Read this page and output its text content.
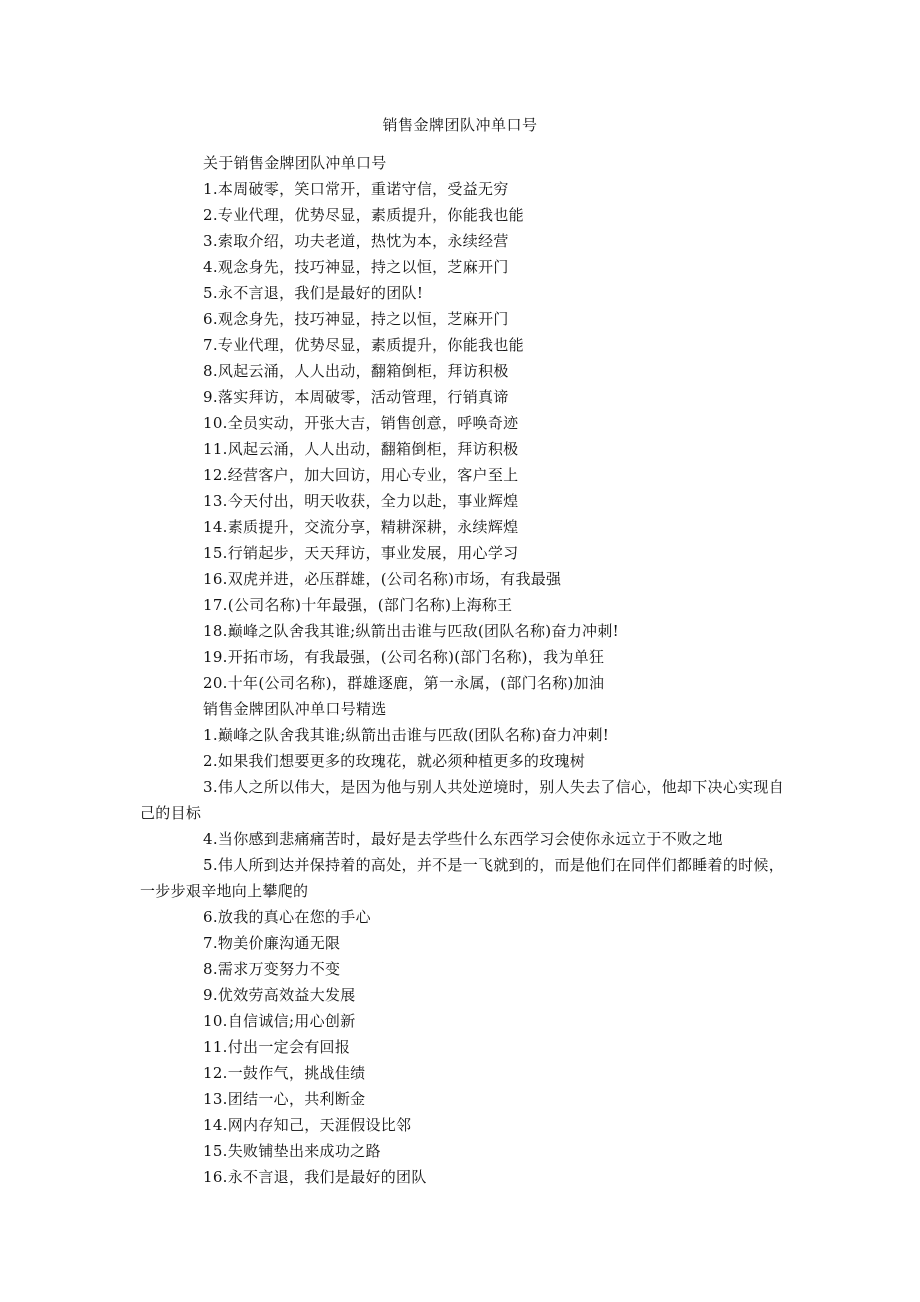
销售金牌团队冲单口号
关于销售金牌团队冲单口号
1.本周破零，笑口常开，重诺守信，受益无穷
2.专业代理，优势尽显，素质提升，你能我也能
3.索取介绍，功夫老道，热忱为本，永续经营
4.观念身先，技巧神显，持之以恒，芝麻开门
5.永不言退，我们是最好的团队!
6.观念身先，技巧神显，持之以恒，芝麻开门
7.专业代理，优势尽显，素质提升，你能我也能
8.风起云涌，人人出动，翻箱倒柜，拜访积极
9.落实拜访，本周破零，活动管理，行销真谛
10.全员实动，开张大吉，销售创意，呼唤奇迹
11.风起云涌，人人出动，翻箱倒柜，拜访积极
12.经营客户，加大回访，用心专业，客户至上
13.今天付出，明天收获，全力以赴，事业辉煌
14.素质提升，交流分享，精耕深耕，永续辉煌
15.行销起步，天天拜访，事业发展，用心学习
16.双虎并进，必压群雄，(公司名称)市场，有我最强
17.(公司名称)十年最强，(部门名称)上海称王
18.巅峰之队舍我其谁;纵箭出击谁与匹敌(团队名称)奋力冲刺!
19.开拓市场，有我最强，(公司名称)(部门名称)，我为单狂
20.十年(公司名称)，群雄逐鹿，第一永属，(部门名称)加油
销售金牌团队冲单口号精选
1.巅峰之队舍我其谁;纵箭出击谁与匹敌(团队名称)奋力冲刺!
2.如果我们想要更多的玫瑰花，就必须种植更多的玫瑰树
3.伟人之所以伟大，是因为他与别人共处逆境时，别人失去了信心，他却下决心实现自己的目标
4.当你感到悲痛痛苦时，最好是去学些什么东西学习会使你永远立于不败之地
5.伟人所到达并保持着的高处，并不是一飞就到的，而是他们在同伴们都睡着的时候，一步步艰辛地向上攀爬的
6.放我的真心在您的手心
7.物美价廉沟通无限
8.需求万变努力不变
9.优效劳高效益大发展
10.自信诚信;用心创新
11.付出一定会有回报
12.一鼓作气，挑战佳绩
13.团结一心，共利断金
14.网内存知己，天涯假设比邻
15.失败铺垫出来成功之路
16.永不言退，我们是最好的团队
